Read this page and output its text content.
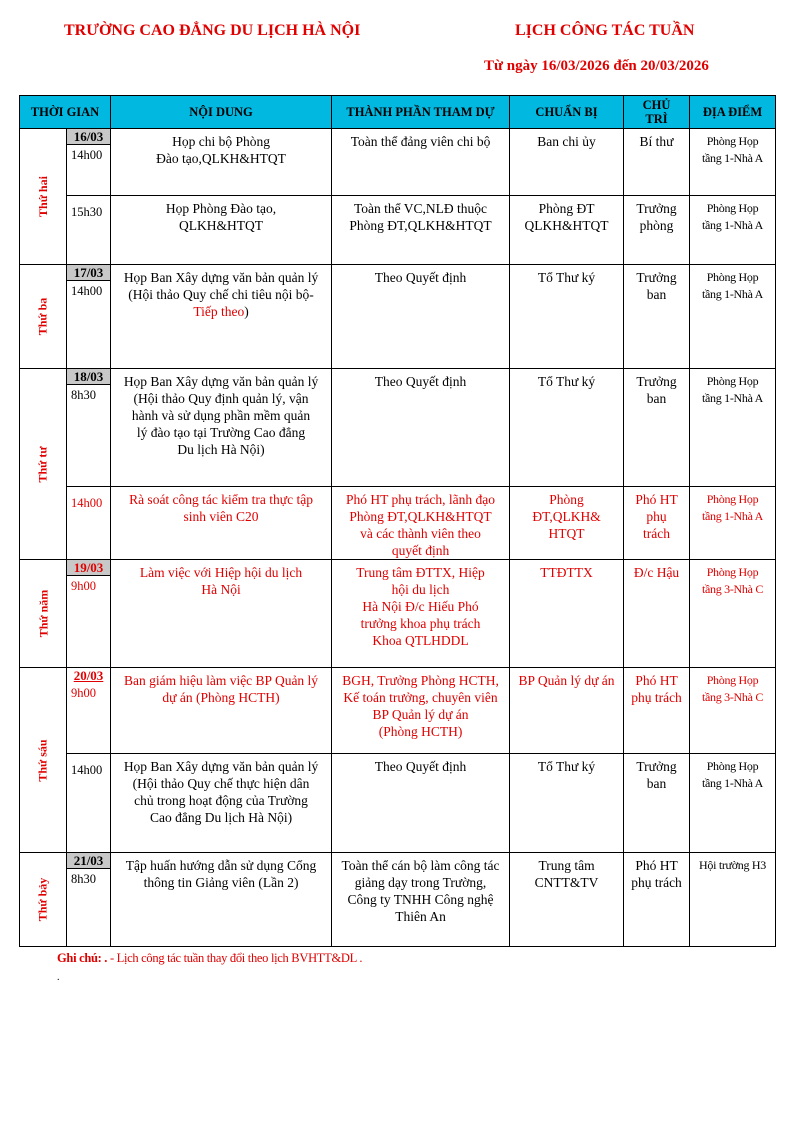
TRƯỜNG CAO ĐẲNG DU LỊCH HÀ NỘI	LỊCH CÔNG TÁC TUẦN
Từ ngày 16/03/2026 đến 20/03/2026
THỜI GIAN		NỘI DUNG	THÀNH PHẦN THAM DỰ	CHUẨN BỊ	CHỦ TRÌ	ĐỊA ĐIỂM
Thứ hai	16/03
14h00	Họp chi bộ Phòng
Đào tạo,QLKH&HTQT	Toàn thể đảng viên chi bộ	Ban chi ủy	Bí thư	Phòng Họp
tầng 1-Nhà A

	15h30	Họp Phòng Đào tạo,
QLKH&HTQT	Toàn thể VC,NLĐ thuộc
Phòng ĐT,QLKH&HTQT	Phòng ĐT
QLKH&HTQT	Trưởng
phòng	Phòng Họp
tầng 1-Nhà A

Thứ ba	17/03
14h00	Họp Ban Xây dựng văn bản quản lý
(Hội thảo Quy chế chi tiêu nội bộ-
Tiếp theo)	Theo Quyết định	Tổ Thư ký	Trưởng
ban	Phòng Họp
tầng 1-Nhà A

Thứ tư	18/03
8h30	Họp Ban Xây dựng văn bản quản lý
(Hội thảo Quy định quản lý, vận
hành và sử dụng phần mềm quản
lý đào tạo tại Trường Cao đẳng
Du lịch Hà Nội)	Theo Quyết định	Tổ Thư ký	Trưởng
ban	Phòng Họp
tầng 1-Nhà A

	14h00	Rà soát công tác kiểm tra thực tập
sinh viên C20	Phó HT phụ trách, lãnh đạo
Phòng ĐT,QLKH&HTQT
và các thành viên theo
quyết định	Phòng
ĐT,QLKH&
HTQT	Phó HT
phụ
trách	Phòng Họp
tầng 1-Nhà A

Thứ năm	19/03
9h00	Làm việc với Hiệp hội du lịch
Hà Nội	Trung tâm ĐTTX, Hiệp
hội du lịch
Hà Nội Đ/c Hiếu Phó
trưởng khoa phụ trách
Khoa QTLHDDL	TTĐTTX	Đ/c Hậu	Phòng Họp
tầng 3-Nhà C

Thứ sáu	20/03
9h00	Ban giám hiệu làm việc BP Quản lý
dự án (Phòng HCTH)	BGH, Trưởng Phòng HCTH,
Kế toán trưởng, chuyên viên
BP Quản lý dự án
(Phòng HCTH)	BP Quản lý dự án	Phó HT
phụ trách	Phòng Họp
tầng 3-Nhà C

	14h00	Họp Ban Xây dựng văn bản quản lý
(Hội thảo Quy chế thực hiện dân
chủ trong hoạt động của Trường
Cao đẳng Du lịch Hà Nội)	Theo Quyết định	Tổ Thư ký	Trưởng
ban	Phòng Họp
tầng 1-Nhà A

Thứ bảy	21/03
8h30	Tập huấn hướng dẫn sử dụng Cổng
thông tin Giảng viên (Lần 2)	Toàn thể cán bộ làm công tác
giảng dạy trong Trường,
Công ty TNHH Công nghệ
Thiên An	Trung tâm
CNTT&TV	Phó HT
phụ trách	Hội trường H3
Ghi chú: . - Lịch công tác tuần thay đổi theo lịch BVHTT&DL .
.
